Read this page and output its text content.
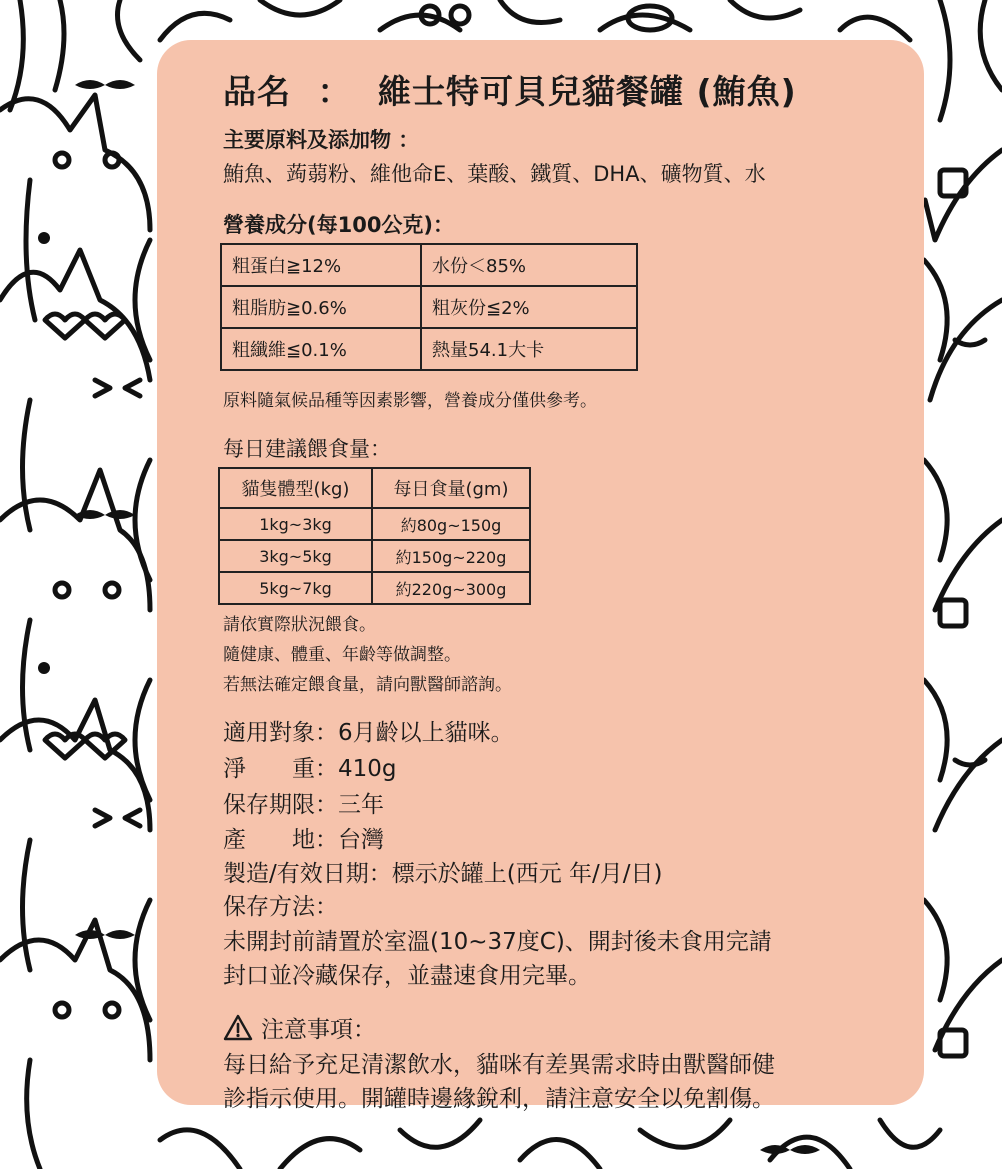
品名 ： 維士特可貝兒貓餐罐 (鮪魚)
主要原料及添加物 ：
鮪魚、蒟蒻粉、維他命E、葉酸、鐵質、DHA、礦物質、水
營養成分(每100公克)：
粗蛋白≧12%	水份＜85%
粗脂肪≧0.6%	粗灰份≦2%
粗纖維≦0.1%	熱量54.1大卡
原料隨氣候品種等因素影響，營養成分僅供參考。
每日建議餵食量：
貓隻體型(kg)	每日食量(gm)
1kg~3kg	約80g~150g
3kg~5kg	約150g~220g
5kg~7kg	約220g~300g
請依實際狀況餵食。
隨健康、體重、年齡等做調整。
若無法確定餵食量，請向獸醫師諮詢。
適用對象：6月齡以上貓咪。
淨　　重：410g
保存期限：三年
產　　地：台灣
製造/有效日期：標示於罐上(西元 年/月/日)
保存方法：
未開封前請置於室溫(10~37度C)、開封後未食用完請
封口並冷藏保存，並盡速食用完畢。
注意事項：
每日給予充足清潔飲水，貓咪有差異需求時由獸醫師健
診指示使用。開罐時邊緣銳利，請注意安全以免割傷。
